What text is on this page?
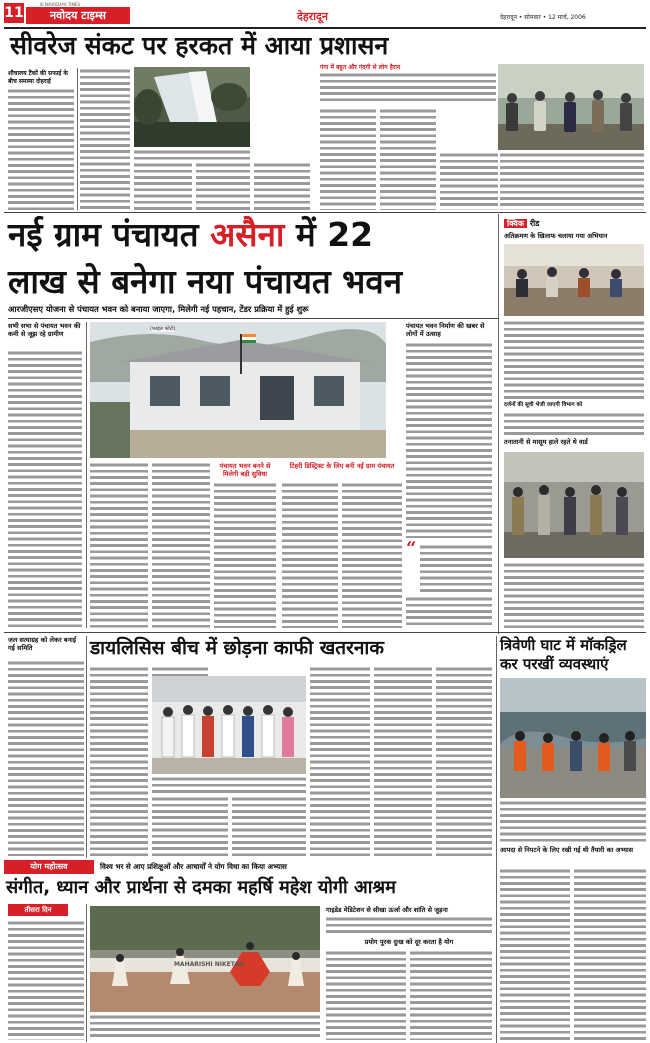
11
IE NAVODAYA TIMES
नवोदय टाइम्स	देहरादून	देहरादून • सोमवार • 12 मार्च, 2006
सीवरेज संकट पर हरकत में आया प्रशासन
शौचालय टैंकों की सफाई के बीच समस्या दोहराई
गंगा में बहुत और गंदगी से लोग हैरान
नई ग्राम पंचायत असैना में 22
लाख से बनेगा नया पंचायत भवन
आरजीएसए योजना से पंचायत भवन को बनाया जाएगा, मिलेगी नई पहचान, टेंडर प्रक्रिया में हुई शुरू
सभी सभा से पंचायत भवन की कमी से जूझ रहे ग्रामीण
(फाइल फोटो)
पंचायत भवन बनने से मिलेगी बड़ी सुविधा
टिहरी डिस्ट्रिक्ट के लिए बनी नई ग्राम पंचायत
पंचायत भवन निर्माण की खबर से लोगों में उत्साह
“
क्विक रीड
अतिक्रमण के खिलाफ चलाया गया अभियान
दर्जनों की सूची भेजी जाएगी विभाग को
तनातानी से मासूम हाले रहते थे वार्ड
डायलिसिस बीच में छोड़ना काफी खतरनाक
जल सत्याग्रह को लेकर बनाई गई समिति	त्रिवेणी घाट में मॉकड्रिल कर परखीं व्यवस्थाएं
आपदा से निपटने के लिए रखी गई थी तैयारी का अभ्यास
योग महोत्सव	विश्व भर से आए प्रशिक्षुओं और आचार्यों ने योग विधा का किया अभ्यास
संगीत, ध्यान और प्रार्थना से दमका महर्षि महेश योगी आश्रम
तीसरा दिन
MAHARISHI NIKETAN
गाइडेड मेडिटेशन से सीखा ऊर्जा और शांति से जुड़ना
प्रयोग पूरक दुःख को दूर करता है योग
